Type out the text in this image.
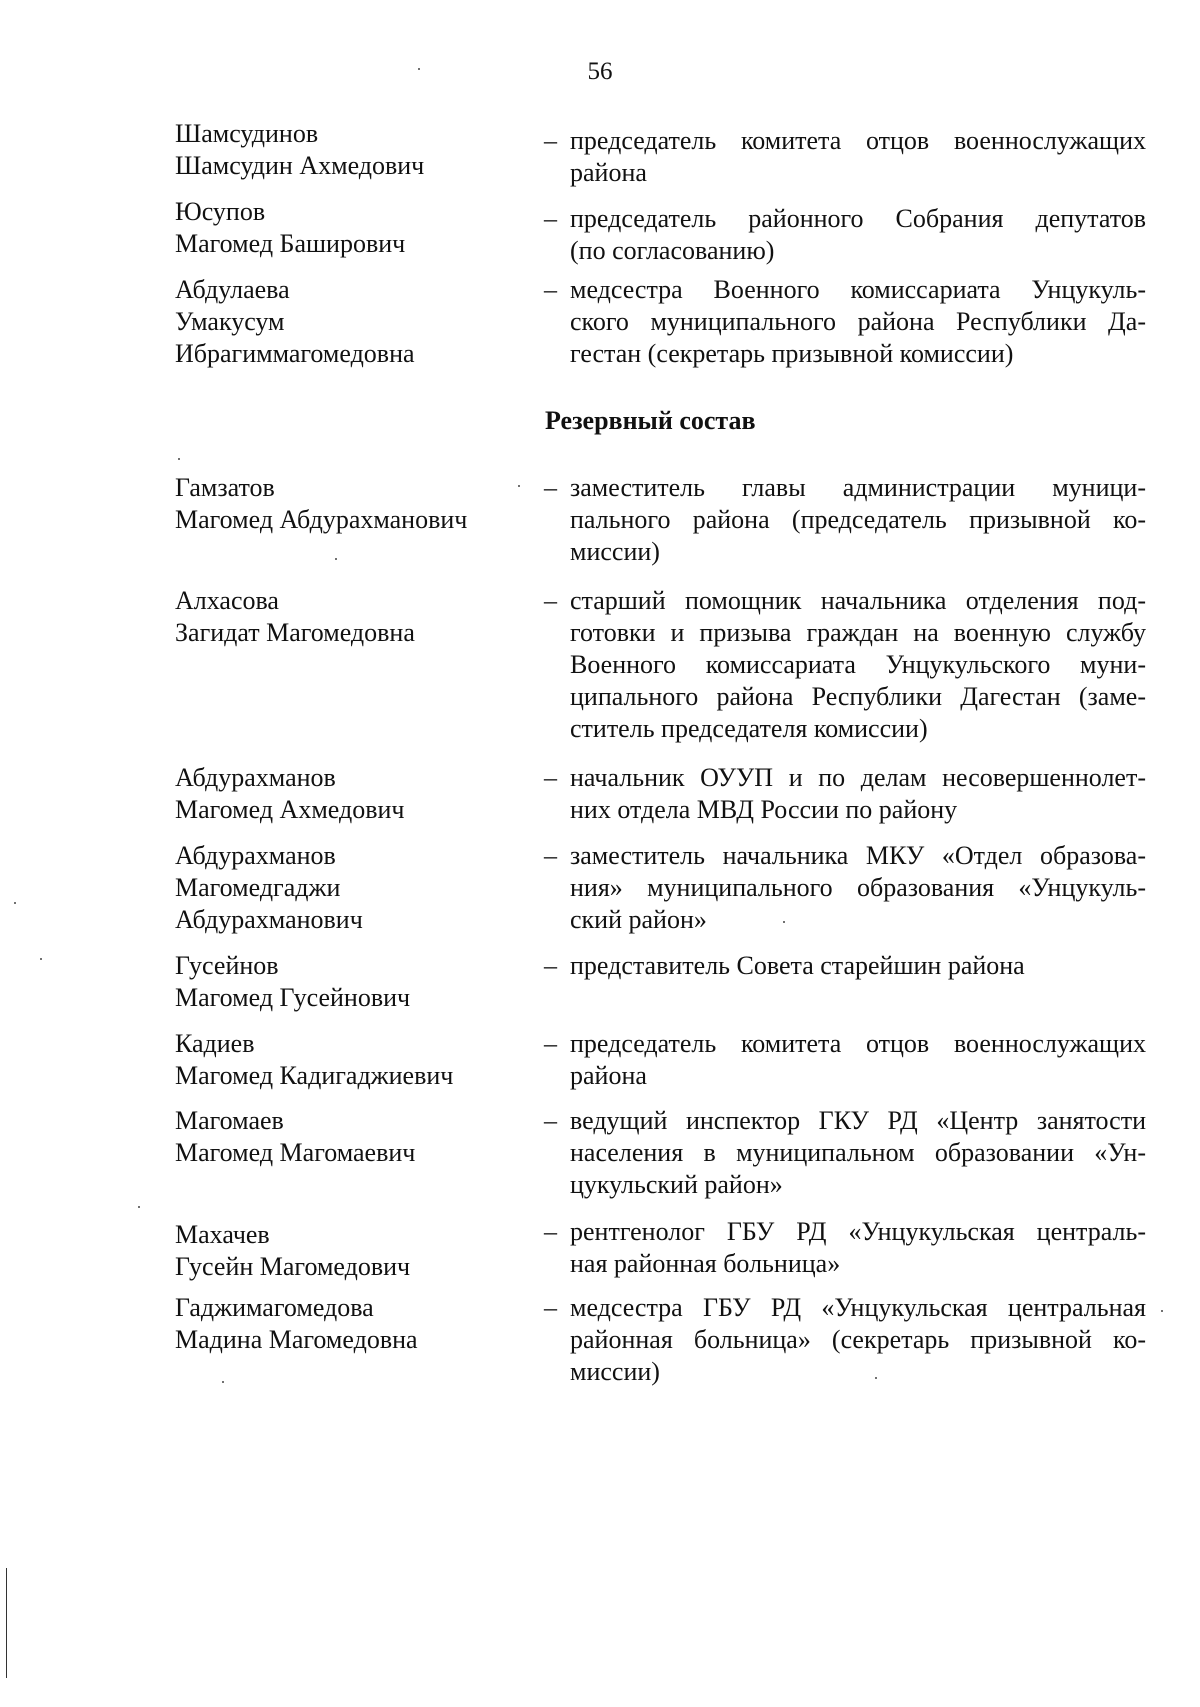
56
Шамсудинов
Шамсудин Ахмедович
– председатель комитета отцов военнослужащих
района
Юсупов
Магомед Баширович
– председатель районного Собрания депутатов
(по согласованию)
Абдулаева
Умакусум
Ибрагиммагомедовна
– медсестра Военного комиссариата Унцукуль-
ского муниципального района Республики Да-
гестан (секретарь призывной комиссии)
Резервный состав
Гамзатов
Магомед Абдурахманович
– заместитель главы администрации муници-
пального района (председатель призывной ко-
миссии)
Алхасова
Загидат Магомедовна
– старший помощник начальника отделения под-
готовки и призыва граждан на военную службу
Военного комиссариата Унцукульского муни-
ципального района Республики Дагестан (заме-
ститель председателя комиссии)
Абдурахманов
Магомед Ахмедович
– начальник ОУУП и по делам несовершеннолет-
них отдела МВД России по району
Абдурахманов
Магомедгаджи
Абдурахманович
– заместитель начальника МКУ «Отдел образова-
ния» муниципального образования «Унцукуль-
ский район»
Гусейнов
Магомед Гусейнович
– представитель Совета старейшин района
Кадиев
Магомед Кадигаджиевич
– председатель комитета отцов военнослужащих
района
Магомаев
Магомед Магомаевич
– ведущий инспектор ГКУ РД «Центр занятости
населения в муниципальном образовании «Ун-
цукульский район»
Махачев
Гусейн Магомедович
– рентгенолог ГБУ РД «Унцукульская централь-
ная районная больница»
Гаджимагомедова
Мадина Магомедовна
– медсестра ГБУ РД «Унцукульская центральная
районная больница» (секретарь призывной ко-
миссии)
